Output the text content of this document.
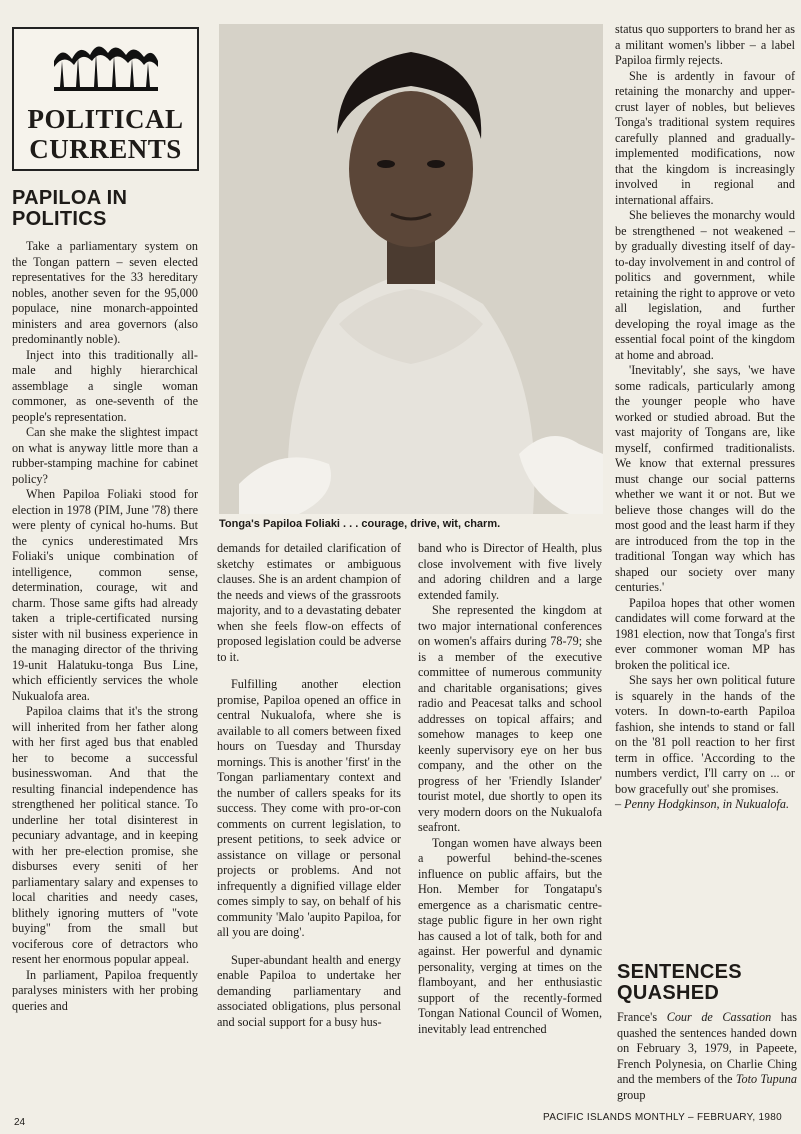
POLITICAL
CURRENTS
PAPILOA IN POLITICS

Take a parliamentary system on the Tongan pattern – seven elected representatives for the 33 hereditary nobles, another seven for the 95,000 populace, nine monarch-appointed ministers and area governors (also predominantly noble).

Inject into this traditionally all-male and highly hierarchical assemblage a single woman commoner, as one-seventh of the people's representation.

Can she make the slightest impact on what is anyway little more than a rubber-stamping machine for cabinet policy?

When Papiloa Foliaki stood for election in 1978 (PIM, June '78) there were plenty of cynical ho-hums. But the cynics underestimated Mrs Foliaki's unique combination of intelligence, common sense, determination, courage, wit and charm. Those same gifts had already taken a triple-certificated nursing sister with nil business experience in the managing director of the thriving 19-unit Halatuku-tonga Bus Line, which efficiently services the whole Nukualofa area.

Papiloa claims that it's the strong will inherited from her father along with her first aged bus that enabled her to become a successful businesswoman. And that the resulting financial independence has strengthened her political stance. To underline her total disinterest in pecuniary advantage, and in keeping with her pre-election promise, she disburses every seniti of her parliamentary salary and expenses to local charities and needy cases, blithely ignoring mutters of "vote buying" from the small but vociferous core of detractors who resent her enormous popular appeal.

In parliament, Papiloa frequently paralyses ministers with her probing queries and

Tonga's Papiloa Foliaki . . . courage, drive, wit, charm.

demands for detailed clarification of sketchy estimates or ambiguous clauses. She is an ardent champion of the needs and views of the grassroots majority, and to a devastating debater when she feels flow-on effects of proposed legislation could be adverse to it.

Fulfilling another election promise, Papiloa opened an office in central Nukualofa, where she is available to all comers between fixed hours on Tuesday and Thursday mornings. This is another 'first' in the Tongan parliamentary context and the number of callers speaks for its success. They come with pro-or-con comments on current legislation, to present petitions, to seek advice or assistance on village or personal projects or problems. And not infrequently a dignified village elder comes simply to say, on behalf of his community 'Malo 'aupito Papiloa, for all you are doing'.

Super-abundant health and energy enable Papiloa to undertake her demanding parliamentary and associated obligations, plus personal and social support for a busy hus-

band who is Director of Health, plus close involvement with five lively and adoring children and a large extended family.

She represented the kingdom at two major international conferences on women's affairs during 78-79; she is a member of the executive committee of numerous community and charitable organisations; gives radio and Peacesat talks and school addresses on topical affairs; and somehow manages to keep one keenly supervisory eye on her bus company, and the other on the progress of her 'Friendly Islander' tourist motel, due shortly to open its very modern doors on the Nukualofa seafront.

Tongan women have always been a powerful behind-the-scenes influence on public affairs, but the Hon. Member for Tongatapu's emergence as a charismatic centre-stage public figure in her own right has caused a lot of talk, both for and against. Her powerful and dynamic personality, verging at times on the flamboyant, and her enthusiastic support of the recently-formed Tongan National Council of Women, inevitably lead entrenched

status quo supporters to brand her as a militant women's libber – a label Papiloa firmly rejects.

She is ardently in favour of retaining the monarchy and upper-crust layer of nobles, but believes Tonga's traditional system requires carefully planned and gradually-implemented modifications, now that the kingdom is increasingly involved in regional and international affairs.

She believes the monarchy would be strengthened – not weakened – by gradually divesting itself of day-to-day involvement in and control of politics and government, while retaining the right to approve or veto all legislation, and further developing the royal image as the essential focal point of the kingdom at home and abroad.

'Inevitably', she says, 'we have some radicals, particularly among the younger people who have worked or studied abroad. But the vast majority of Tongans are, like myself, confirmed traditionalists. We know that external pressures must change our social patterns whether we want it or not. But we believe those changes will do the most good and the least harm if they are introduced from the top in the traditional Tongan way which has shaped our society over many centuries.'

Papiloa hopes that other women candidates will come forward at the 1981 election, now that Tonga's first ever commoner woman MP has broken the political ice.

She says her own political future is squarely in the hands of the voters. In down-to-earth Papiloa fashion, she intends to stand or fall on the '81 poll reaction to her first term in office. 'According to the numbers verdict, I'll carry on ... or bow gracefully out' she promises.

– Penny Hodgkinson, in Nukualofa.

SENTENCES QUASHED

France's Cour de Cassation has quashed the sentences handed down on February 3, 1979, in Papeete, French Polynesia, on Charlie Ching and the members of the Toto Tupuna group

24	PACIFIC ISLANDS MONTHLY – FEBRUARY, 1980
